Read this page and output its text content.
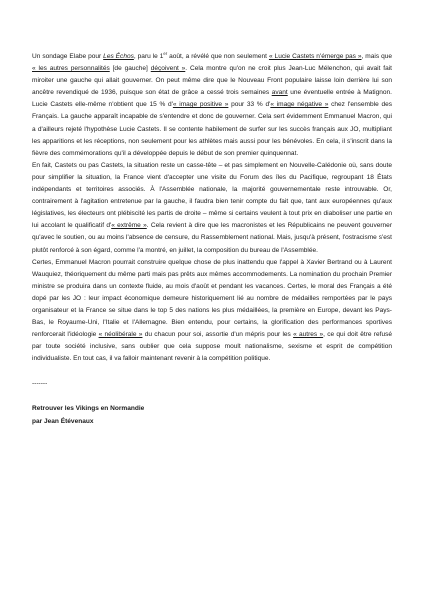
Un sondage Elabe pour Les Échos, paru le 1er août, a révélé que non seulement « Lucie Castets n'émerge pas », mais que « les autres personnalités [de gauche] déçoivent ». Cela montre qu'on ne croit plus Jean-Luc Mélenchon, qui avait fait miroiter une gauche qui allait gouverner. On peut même dire que le Nouveau Front populaire laisse loin derrière lui son ancêtre revendiqué de 1936, puisque son état de grâce a cessé trois semaines avant une éventuelle entrée à Matignon. Lucie Castets elle-même n'obtient que 15 % d'« image positive » pour 33 % d'« image négative » chez l'ensemble des Français. La gauche apparaît incapable de s'entendre et donc de gouverner. Cela sert évidemment Emmanuel Macron, qui a d'ailleurs rejeté l'hypothèse Lucie Castets. Il se contente habilement de surfer sur les succès français aux JO, multipliant les apparitions et les réceptions, non seulement pour les athlètes mais aussi pour les bénévoles. En cela, il s'inscrit dans la fièvre des commémorations qu'il a développée depuis le début de son premier quinquennat.

En fait, Castets ou pas Castets, la situation reste un casse-tête – et pas simplement en Nouvelle-Calédonie où, sans doute pour simplifier la situation, la France vient d'accepter une visite du Forum des îles du Pacifique, regroupant 18 États indépendants et territoires associés. À l'Assemblée nationale, la majorité gouvernementale reste introuvable. Or, contrairement à l'agitation entretenue par la gauche, il faudra bien tenir compte du fait que, tant aux européennes qu'aux législatives, les électeurs ont plébiscité les partis de droite – même si certains veulent à tout prix en diaboliser une partie en lui accolant le qualificatif d'« extrême ». Cela revient à dire que les macronistes et les Républicains ne peuvent gouverner qu'avec le soutien, ou au moins l'absence de censure, du Rassemblement national. Mais, jusqu'à présent, l'ostracisme s'est plutôt renforcé à son égard, comme l'a montré, en juillet, la composition du bureau de l'Assemblée.

Certes, Emmanuel Macron pourrait construire quelque chose de plus inattendu que l'appel à Xavier Bertrand ou à Laurent Wauquiez, théoriquement du même parti mais pas prêts aux mêmes accommodements. La nomination du prochain Premier ministre se produira dans un contexte fluide, au mois d'août et pendant les vacances. Certes, le moral des Français a été dopé par les JO : leur impact économique demeure historiquement lié au nombre de médailles remportées par le pays organisateur et la France se situe dans le top 5 des nations les plus médaillées, la première en Europe, devant les Pays-Bas, le Royaume-Uni, l'Italie et l'Allemagne. Bien entendu, pour certains, la glorification des performances sportives renforcerait l'idéologie « néolibérale » du chacun pour soi, assortie d'un mépris pour les « autres », ce qui doit être refusé par toute société inclusive, sans oublier que cela suppose moult nationalisme, sexisme et esprit de compétition individualiste. En tout cas, il va falloir maintenant revenir à la compétition politique.

-------

Retrouver les Vikings en Normandie

par Jean Étévenaux
